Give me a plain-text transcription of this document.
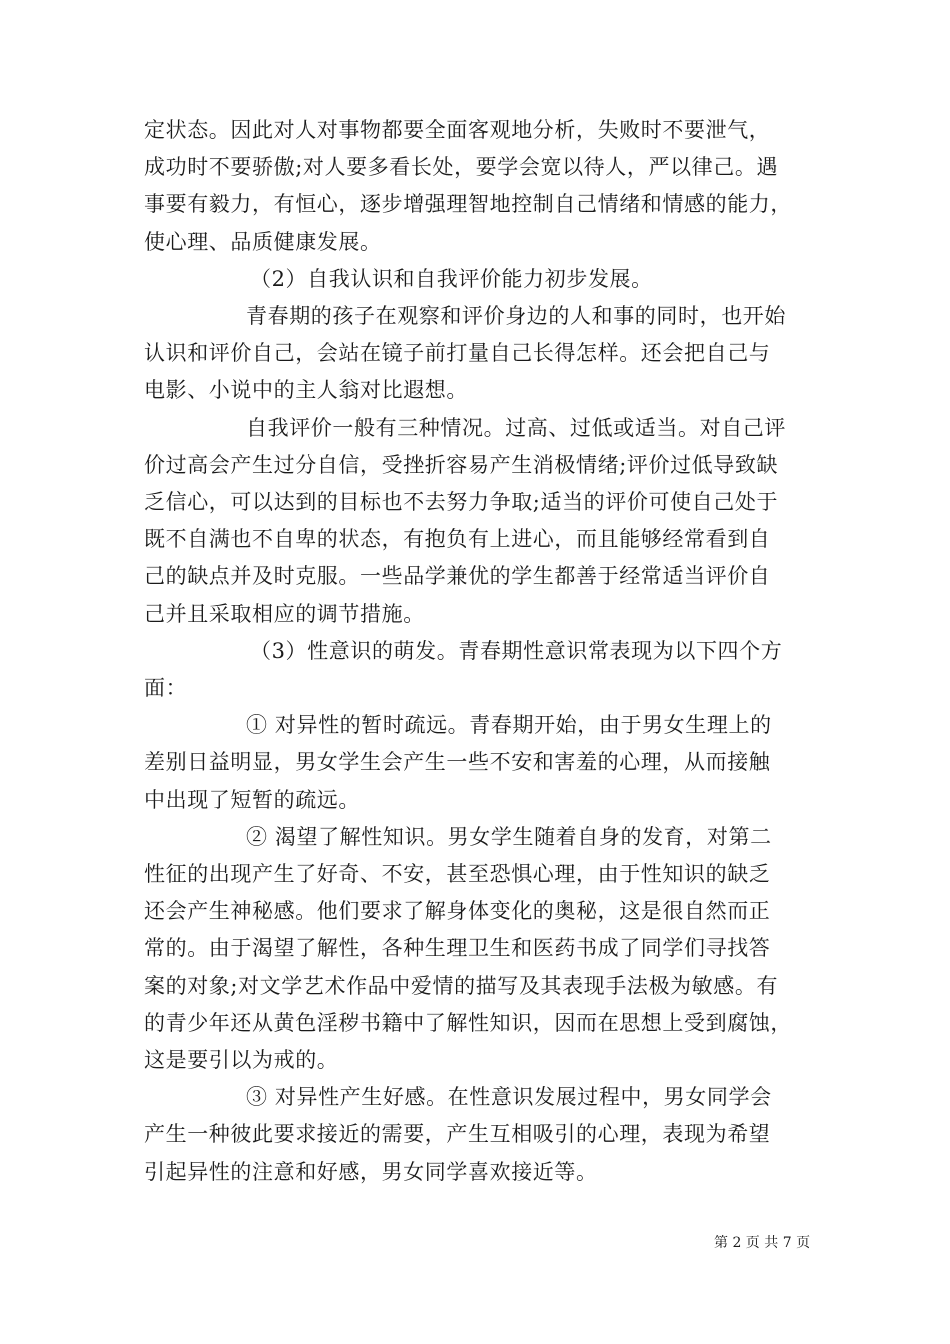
定状态。因此对人对事物都要全面客观地分析，失败时不要泄气，
成功时不要骄傲;对人要多看长处，要学会宽以待人，严以律己。遇
事要有毅力，有恒心，逐步增强理智地控制自己情绪和情感的能力，
使心理、品质健康发展。

（2）自我认识和自我评价能力初步发展。

青春期的孩子在观察和评价身边的人和事的同时，也开始
认识和评价自己，会站在镜子前打量自己长得怎样。还会把自己与
电影、小说中的主人翁对比遐想。

自我评价一般有三种情况。过高、过低或适当。对自己评
价过高会产生过分自信，受挫折容易产生消极情绪;评价过低导致缺
乏信心，可以达到的目标也不去努力争取;适当的评价可使自己处于
既不自满也不自卑的状态，有抱负有上进心，而且能够经常看到自
己的缺点并及时克服。一些品学兼优的学生都善于经常适当评价自
己并且采取相应的调节措施。

（3）性意识的萌发。青春期性意识常表现为以下四个方
面：

① 对异性的暂时疏远。青春期开始，由于男女生理上的
差别日益明显，男女学生会产生一些不安和害羞的心理，从而接触
中出现了短暂的疏远。

② 渴望了解性知识。男女学生随着自身的发育，对第二
性征的出现产生了好奇、不安，甚至恐惧心理，由于性知识的缺乏
还会产生神秘感。他们要求了解身体变化的奥秘，这是很自然而正
常的。由于渴望了解性，各种生理卫生和医药书成了同学们寻找答
案的对象;对文学艺术作品中爱情的描写及其表现手法极为敏感。有
的青少年还从黄色淫秽书籍中了解性知识，因而在思想上受到腐蚀，
这是要引以为戒的。

③ 对异性产生好感。在性意识发展过程中，男女同学会
产生一种彼此要求接近的需要，产生互相吸引的心理，表现为希望
引起异性的注意和好感，男女同学喜欢接近等。

第 2 页 共 7 页
